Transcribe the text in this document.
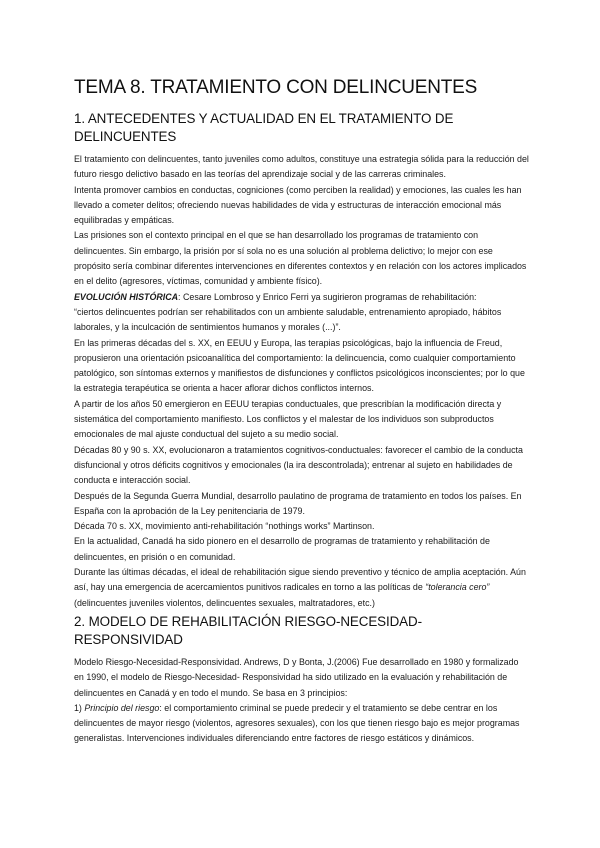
TEMA 8. TRATAMIENTO CON DELINCUENTES
1. ANTECEDENTES Y ACTUALIDAD EN EL TRATAMIENTO DE DELINCUENTES

El tratamiento con delincuentes, tanto juveniles como adultos, constituye una estrategia sólida para la reducción del futuro riesgo delictivo basado en las teorías del aprendizaje social y de las carreras criminales.

Intenta promover cambios en conductas, cogniciones (como perciben la realidad) y emociones, las cuales les han llevado a cometer delitos; ofreciendo nuevas habilidades de vida y estructuras de interacción emocional más equilibradas y empáticas.

Las prisiones son el contexto principal en el que se han desarrollado los programas de tratamiento con delincuentes. Sin embargo, la prisión por sí sola no es una solución al problema delictivo; lo mejor con ese propósito sería combinar diferentes intervenciones en diferentes contextos y en relación con los actores implicados en el delito (agresores, víctimas, comunidad y ambiente físico).

EVOLUCIÓN HISTÓRICA: Cesare Lombroso y Enrico Ferri ya sugirieron programas de rehabilitación:

“ciertos delincuentes podrían ser rehabilitados con un ambiente saludable, entrenamiento apropiado, hábitos laborales, y la inculcación de sentimientos humanos y morales (...)”.

En las primeras décadas del s. XX, en EEUU y Europa, las terapias psicológicas, bajo la influencia de Freud, propusieron una orientación psicoanalítica del comportamiento: la delincuencia, como cualquier comportamiento patológico, son síntomas externos y manifiestos de disfunciones y conflictos psicológicos inconscientes; por lo que la estrategia terapéutica se orienta a hacer aflorar dichos conflictos internos.

A partir de los años 50 emergieron en EEUU terapias conductuales, que prescribían la modificación directa y sistemática del comportamiento manifiesto. Los conflictos y el malestar de los individuos son subproductos emocionales de mal ajuste conductual del sujeto a su medio social.

Décadas 80 y 90 s. XX, evolucionaron a tratamientos cognitivos-conductuales: favorecer el cambio de la conducta disfuncional y otros déficits cognitivos y emocionales (la ira descontrolada); entrenar al sujeto en habilidades de conducta e interacción social.

Después de la Segunda Guerra Mundial, desarrollo paulatino de programa de tratamiento en todos los países. En España con la aprobación de la Ley penitenciaria de 1979.

Década 70 s. XX, movimiento anti-rehabilitación “nothings works” Martinson.

En la actualidad, Canadá ha sido pionero en el desarrollo de programas de tratamiento y rehabilitación de delincuentes, en prisión o en comunidad.

Durante las últimas décadas, el ideal de rehabilitación sigue siendo preventivo y técnico de amplia aceptación. Aún así, hay una emergencia de acercamientos punitivos radicales en torno a las políticas de “tolerancia cero” (delincuentes juveniles violentos, delincuentes sexuales, maltratadores, etc.)

2. MODELO DE REHABILITACIÓN RIESGO-NECESIDAD-RESPONSIVIDAD

Modelo Riesgo-Necesidad-Responsividad. Andrews, D y Bonta, J.(2006) Fue desarrollado en 1980 y formalizado en 1990, el modelo de Riesgo-Necesidad- Responsividad ha sido utilizado en la evaluación y rehabilitación de delincuentes en Canadá y en todo el mundo. Se basa en 3 principios:

1) Principio del riesgo: el comportamiento criminal se puede predecir y el tratamiento se debe centrar en los delincuentes de mayor riesgo (violentos, agresores sexuales), con los que tienen riesgo bajo es mejor programas generalistas. Intervenciones individuales diferenciando entre factores de riesgo estáticos y dinámicos.
